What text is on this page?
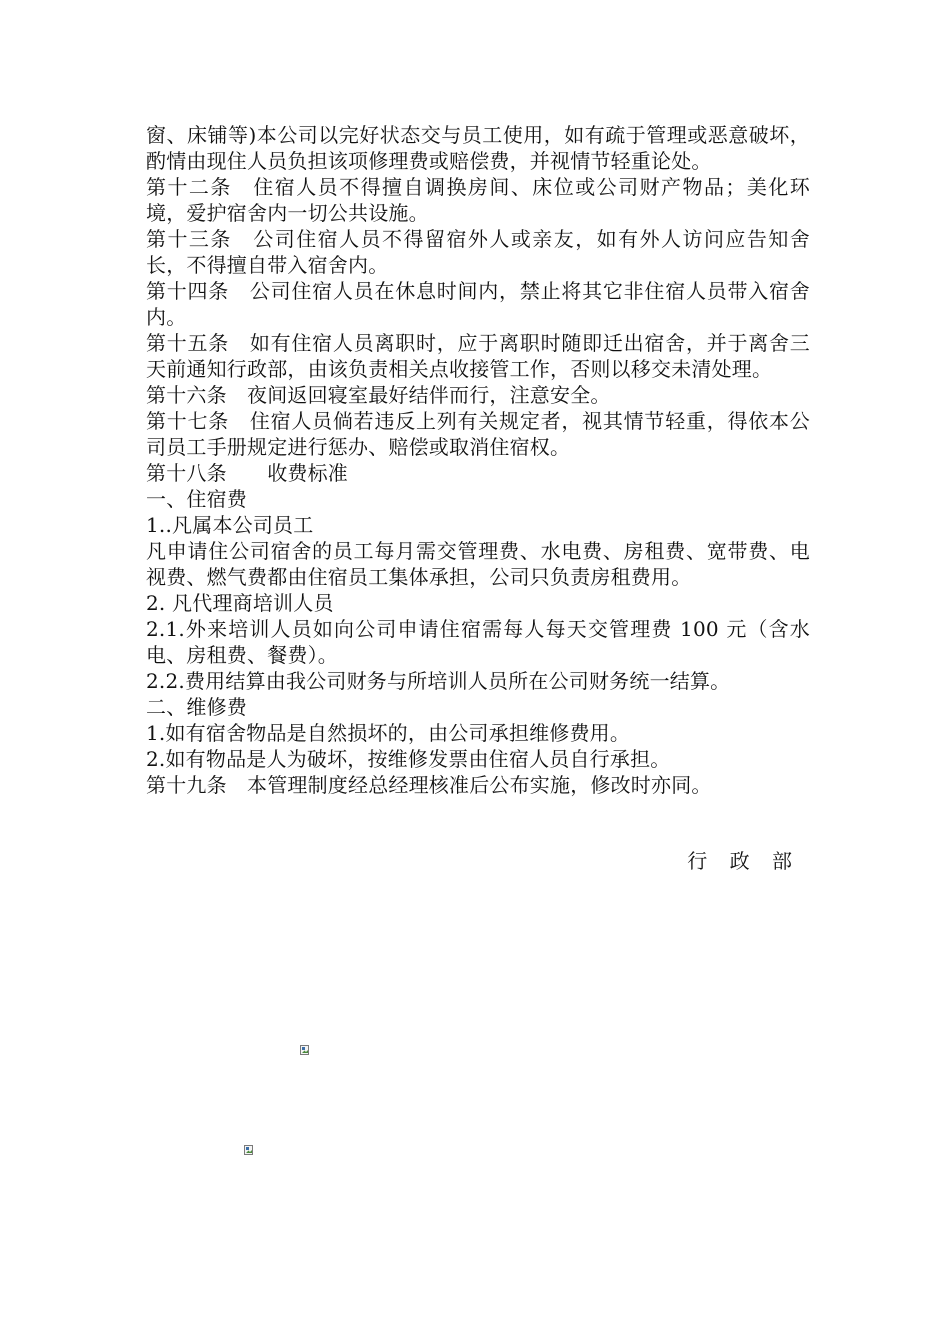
窗、床铺等)本公司以完好状态交与员工使用，如有疏于管理或恶意破坏，酌情由现住人员负担该项修理费或赔偿费，并视情节轻重论处。

第十二条　住宿人员不得擅自调换房间、床位或公司财产物品；美化环境，爱护宿舍内一切公共设施。

第十三条　公司住宿人员不得留宿外人或亲友，如有外人访问应告知舍长，不得擅自带入宿舍内。

第十四条　公司住宿人员在休息时间内，禁止将其它非住宿人员带入宿舍内。

第十五条　如有住宿人员离职时，应于离职时随即迁出宿舍，并于离舍三天前通知行政部，由该负责相关点收接管工作，否则以移交未清处理。

第十六条　夜间返回寝室最好结伴而行，注意安全。

第十七条　住宿人员倘若违反上列有关规定者，视其情节轻重，得依本公司员工手册规定进行惩办、赔偿或取消住宿权。

第十八条　　收费标准

一、住宿费

1..凡属本公司员工

凡申请住公司宿舍的员工每月需交管理费、水电费、房租费、宽带费、电视费、燃气费都由住宿员工集体承担，公司只负责房租费用。

2. 凡代理商培训人员

2.1.外来培训人员如向公司申请住宿需每人每天交管理费 100 元（含水电、房租费、餐费）。

2.2.费用结算由我公司财务与所培训人员所在公司财务统一结算。

二、维修费

1.如有宿舍物品是自然损坏的，由公司承担维修费用。

2.如有物品是人为破坏，按维修发票由住宿人员自行承担。

第十九条　本管理制度经总经理核准后公布实施，修改时亦同。

行 政 部
